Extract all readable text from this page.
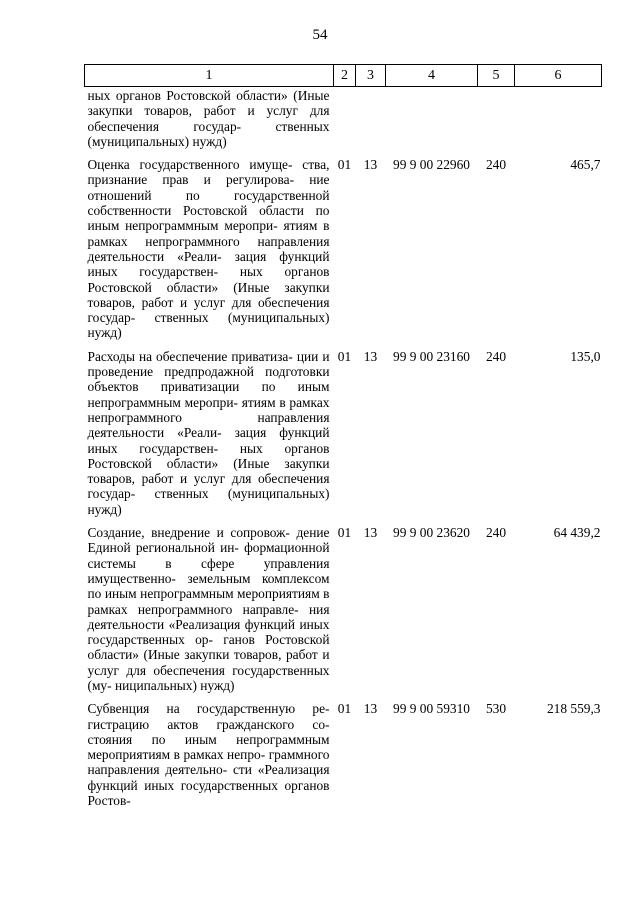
54
1	2	3	4	5	6
ных органов Ростовской области» (Иные закупки товаров, работ и услуг для обеспечения государ- ственных (муниципальных) нужд)					
Оценка государственного имуще- ства, признание прав и регулирова- ние отношений по государственной собственности Ростовской области по иным непрограммным меропри- ятиям в рамках непрограммного направления деятельности «Реали- зация функций иных государствен- ных органов Ростовской области» (Иные закупки товаров, работ и услуг для обеспечения государ- ственных (муниципальных) нужд)	01	13	99 9 00 22960	240	465,7
Расходы на обеспечение приватиза- ции и проведение предпродажной подготовки объектов приватизации по иным непрограммным меропри- ятиям в рамках непрограммного направления деятельности «Реали- зация функций иных государствен- ных органов Ростовской области» (Иные закупки товаров, работ и услуг для обеспечения государ- ственных (муниципальных) нужд)	01	13	99 9 00 23160	240	135,0
Создание, внедрение и сопровож- дение Единой региональной ин- формационной системы в сфере управления имущественно- земельным комплексом по иным непрограммным мероприятиям в рамках непрограммного направле- ния деятельности «Реализация функций иных государственных ор- ганов Ростовской области» (Иные закупки товаров, работ и услуг для обеспечения государственных (му- ниципальных) нужд)	01	13	99 9 00 23620	240	64 439,2
Субвенция на государственную ре- гистрацию актов гражданского со- стояния по иным непрограммным мероприятиям в рамках непро- граммного направления деятельно- сти «Реализация функций иных государственных органов Ростов-	01	13	99 9 00 59310	530	218 559,3
